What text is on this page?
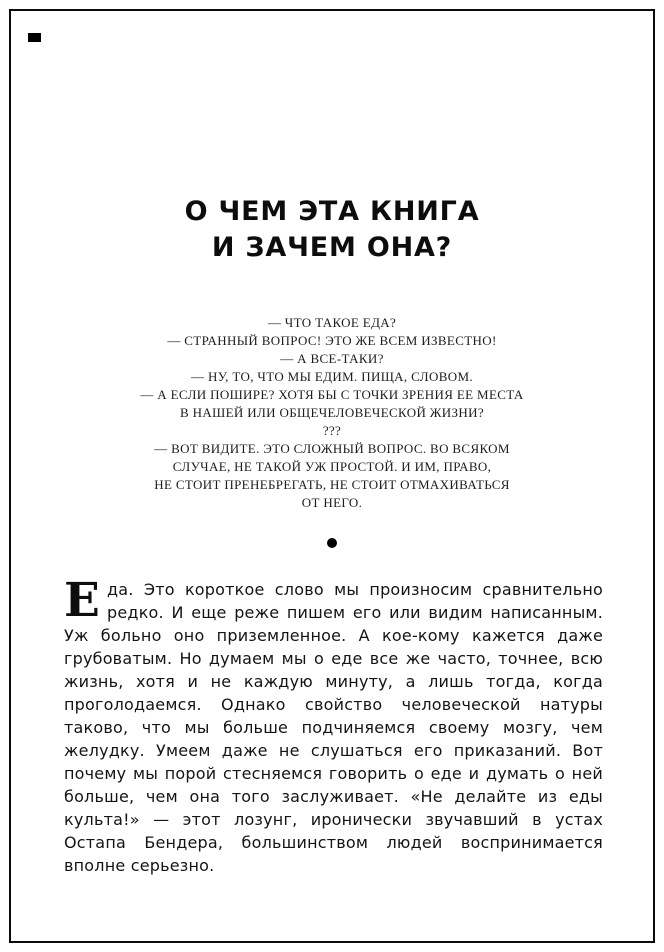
О ЧЕМ ЭТА КНИГА
И ЗАЧЕМ ОНА?
— ЧТО ТАКОЕ ЕДА?
— СТРАННЫЙ ВОПРОС! ЭТО ЖЕ ВСЕМ ИЗВЕСТНО!
— А ВСЕ-ТАКИ?
— НУ, ТО, ЧТО МЫ ЕДИМ. ПИЩА, СЛОВОМ.
— А ЕСЛИ ПОШИРЕ? ХОТЯ БЫ С ТОЧКИ ЗРЕНИЯ ЕЕ МЕСТА
В НАШЕЙ ИЛИ ОБЩЕЧЕЛОВЕЧЕСКОЙ ЖИЗНИ?
???
— ВОТ ВИДИТЕ. ЭТО СЛОЖНЫЙ ВОПРОС. ВО ВСЯКОМ
СЛУЧАЕ, НЕ ТАКОЙ УЖ ПРОСТОЙ. И ИМ, ПРАВО,
НЕ СТОИТ ПРЕНЕБРЕГАТЬ, НЕ СТОИТ ОТМАХИВАТЬСЯ
ОТ НЕГО.
Еда. Это короткое слово мы произносим сравнительно редко. И еще реже пишем его или видим написанным. Уж больно оно приземленное. А кое-кому кажется даже грубоватым. Но думаем мы о еде все же часто, точнее, всю жизнь, хотя и не каждую минуту, а лишь тогда, когда проголодаемся. Однако свойство человеческой натуры таково, что мы больше подчиняемся своему мозгу, чем желудку. Умеем даже не слушаться его приказаний. Вот почему мы порой стесняемся говорить о еде и думать о ней больше, чем она того заслуживает. «Не делайте из еды культа!» — этот лозунг, иронически звучавший в устах Остапа Бендера, большинством людей воспринимается вполне серьезно.
